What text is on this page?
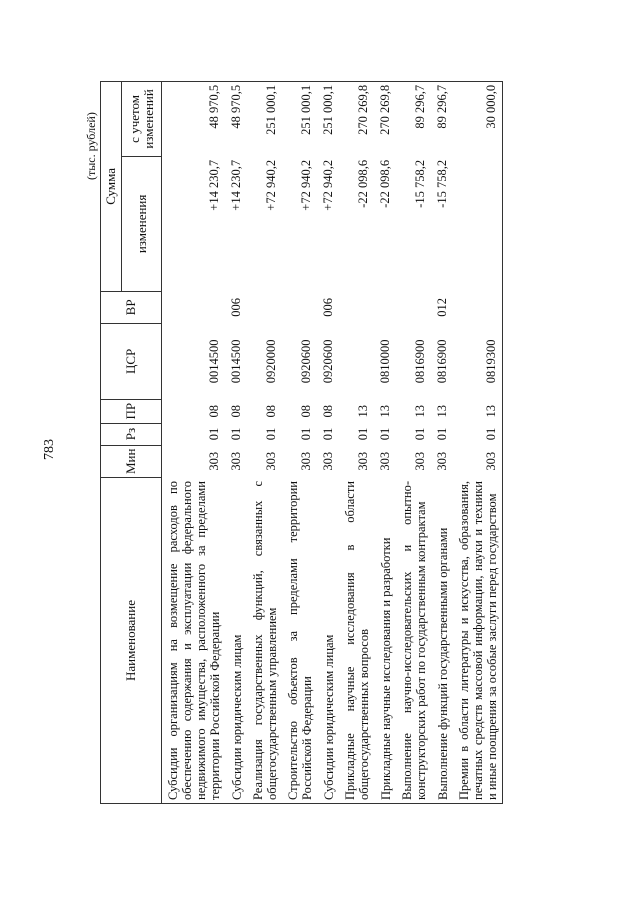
783
(тыс. рублей)
Наименование	Мин	Рз	ПР	ЦСР	ВР	Сумма	
						изменения	с учетом изменений
Субсидии организациям на возмещение расходов по обеспечению содержания и эксплуатации федерального недвижимого имущества, расположенного за пределами территории Российской Федерации	303	01	08	0014500		+14 230,7	48 970,5
Субсидии юридическим лицам	303	01	08	0014500	006	+14 230,7	48 970,5
Реализация государственных функций, связанных с общегосударственным управлением	303	01	08	0920000		+72 940,2	251 000,1
Строительство объектов за пределами территории Российской Федерации	303	01	08	0920600		+72 940,2	251 000,1
Субсидии юридическим лицам	303	01	08	0920600	006	+72 940,2	251 000,1
Прикладные научные исследования в области общегосударственных вопросов	303	01	13			-22 098,6	270 269,8
Прикладные научные исследования и разработки	303	01	13	0810000		-22 098,6	270 269,8
Выполнение научно-исследовательских и опытно-конструкторских работ по государственным контрактам	303	01	13	0816900		-15 758,2	89 296,7
Выполнение функций государственными органами	303	01	13	0816900	012	-15 758,2	89 296,7
Премии в области литературы и искусства, образования, печатных средств массовой информации, науки и техники и иные поощрения за особые заслуги перед государством	303	01	13	0819300			30 000,0
